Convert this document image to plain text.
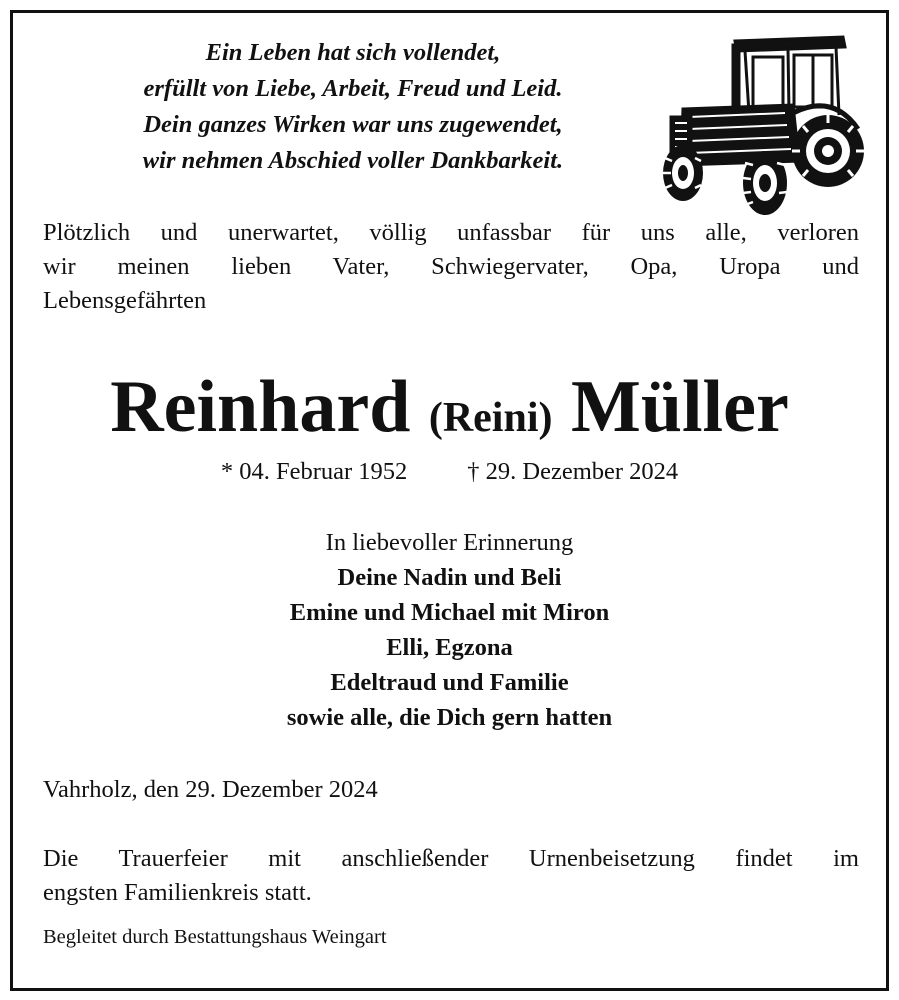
Ein Leben hat sich vollendet,
erfüllt von Liebe, Arbeit, Freud und Leid.
Dein ganzes Wirken war uns zugewendet,
wir nehmen Abschied voller Dankbarkeit.
Plötzlich und unerwartet, völlig unfassbar für uns alle, verloren
wir meinen lieben Vater, Schwiegervater, Opa, Uropa und
Lebensgefährten
Reinhard (Reini) Müller
* 04. Februar 1952 † 29. Dezember 2024
In liebevoller Erinnerung
Deine Nadin und Beli
Emine und Michael mit Miron
Elli, Egzona
Edeltraud und Familie
sowie alle, die Dich gern hatten
Vahrholz, den 29. Dezember 2024
Die Trauerfeier mit anschließender Urnenbeisetzung findet im
engsten Familienkreis statt.
Begleitet durch Bestattungshaus Weingart
